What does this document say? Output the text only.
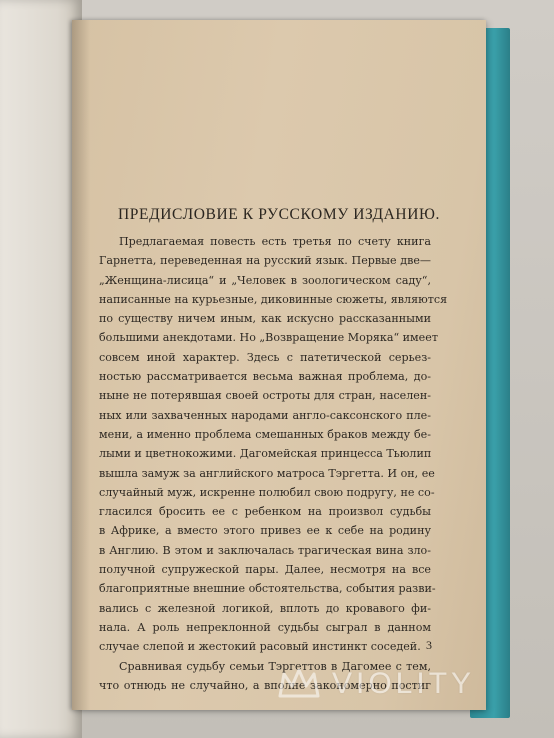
ПРЕДИСЛОВИЕ К РУССКОМУ ИЗДАНИЮ.
Предлагаемая повесть есть третья по счету книга
Гарнетта, переведенная на русский язык. Первые две—
„Женщина-лисица“ и „Человек в зоологическом саду“,
написанные на курьезные, диковинные сюжеты, являются
по существу ничем иным, как искусно рассказанными
большими анекдотами. Но „Возвращение Моряка“ имеет
совсем иной характер. Здесь с патетической серьез-
ностью рассматривается весьма важная проблема, до-
ныне не потерявшая своей остроты для стран, населен-
ных или захваченных народами англо-саксонского пле-
мени, а именно проблема смешанных браков между бе-
лыми и цветнокожими. Дагомейская принцесса Тьюлип
вышла замуж за английского матроса Тэргетта. И он, ее
случайный муж, искренне полюбил свою подругу, не со-
гласился бросить ее с ребенком на произвол судьбы
в Африке, а вместо этого привез ее к себе на родину
в Англию. В этом и заключалась трагическая вина зло-
получной супружеской пары. Далее, несмотря на все
благоприятные внешние обстоятельства, события разви-
вались с железной логикой, вплоть до кровавого фи-
нала. А роль непреклонной судьбы сыграл в данном
случае слепой и жестокий расовый инстинкт соседей.
Сравнивая судьбу семьи Тэргеттов в Дагомее с тем,
что отнюдь не случайно, а вполне закономерно постиг
3
VIOLITY
